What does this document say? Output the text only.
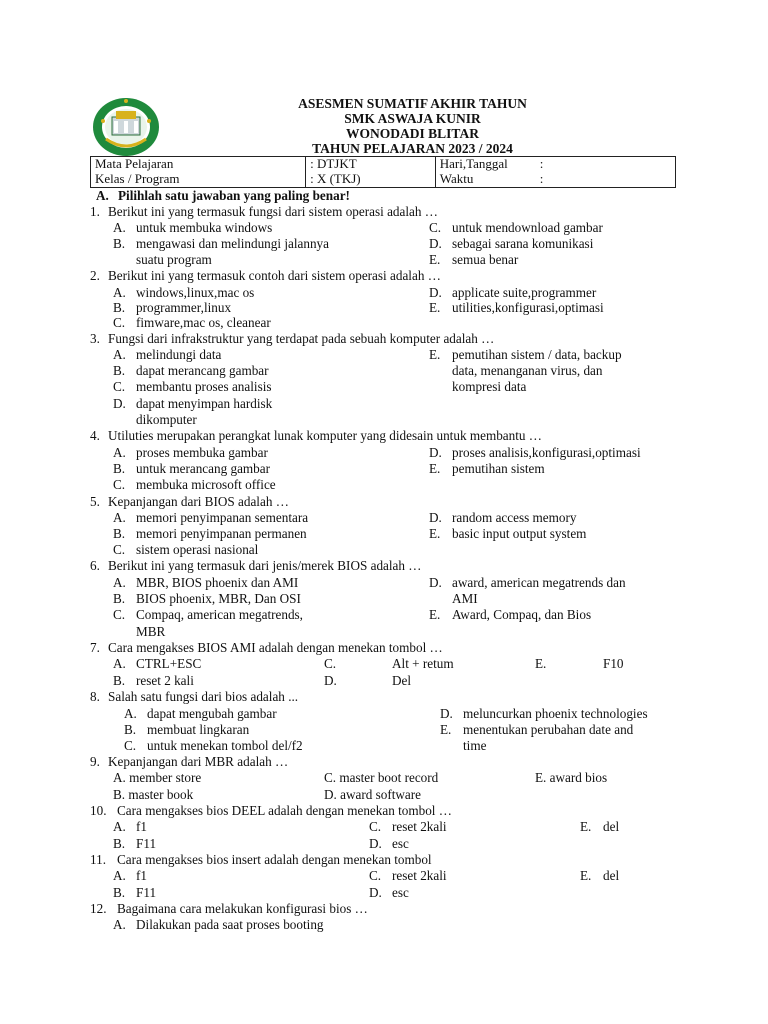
ASESMEN SUMATIF AKHIR TAHUN
SMK ASWAJA KUNIR
WONODADI BLITAR
TAHUN PELAJARAN 2023 / 2024
Mata Pelajaran	: DTJKT	Hari,Tanggal :
Kelas / Program	: X (TKJ)	Waktu :
A. Pilihlah satu jawaban yang paling benar!
1. Berikut ini yang termasuk fungsi dari sistem operasi adalah …
A. untuk membuka windows
B. mengawasi dan melindungi jalannya
suatu program
C. untuk mendownload gambar
D. sebagai sarana komunikasi
E. semua benar
2. Berikut ini yang termasuk contoh dari sistem operasi adalah …
A. windows,linux,mac os
B. programmer,linux
C. fimware,mac os, cleanear
D. applicate suite,programmer
E. utilities,konfigurasi,optimasi
3. Fungsi dari infrakstruktur yang terdapat pada sebuah komputer adalah …
A. melindungi data
B. dapat merancang gambar
C. membantu proses analisis
D. dapat menyimpan hardisk
dikomputer
E. pemutihan sistem / data, backup
data, menanganan virus, dan
kompresi data
4. Utiluties merupakan perangkat lunak komputer yang didesain untuk membantu …
A. proses membuka gambar
B. untuk merancang gambar
C. membuka microsoft office
D. proses analisis,konfigurasi,optimasi
E. pemutihan sistem
5. Kepanjangan dari BIOS adalah …
A. memori penyimpanan sementara
B. memori penyimpanan permanen
C. sistem operasi nasional
D. random access memory
E. basic input output system
6. Berikut ini yang termasuk dari jenis/merek BIOS adalah …
A. MBR, BIOS phoenix dan AMI
B. BIOS phoenix, MBR, Dan OSI
C. Compaq, american megatrends,
MBR
D. award, american megatrends dan
AMI
E. Award, Compaq, dan Bios
7. Cara mengakses BIOS AMI adalah dengan menekan tombol …
A. CTRL+ESC
B. reset 2 kali
C.	Alt + retum
D.	Del
E.	F10
8. Salah satu fungsi dari bios adalah ...
A. dapat mengubah gambar
B. membuat lingkaran
C. untuk menekan tombol del/f2
D. meluncurkan phoenix technologies
E. menentukan perubahan date and
time
9. Kepanjangan dari MBR adalah …
A. member store
B. master book
C. master boot record
D. award software
E. award bios
10. Cara mengakses bios DEEL adalah dengan menekan tombol …
A. f1
B. F11
C. reset 2kali
D. esc
E. del
11. Cara mengakses bios insert adalah dengan menekan tombol
A. f1
B. F11
C. reset 2kali
D. esc
E. del
12. Bagaimana cara melakukan konfigurasi bios …
A. Dilakukan pada saat proses booting
